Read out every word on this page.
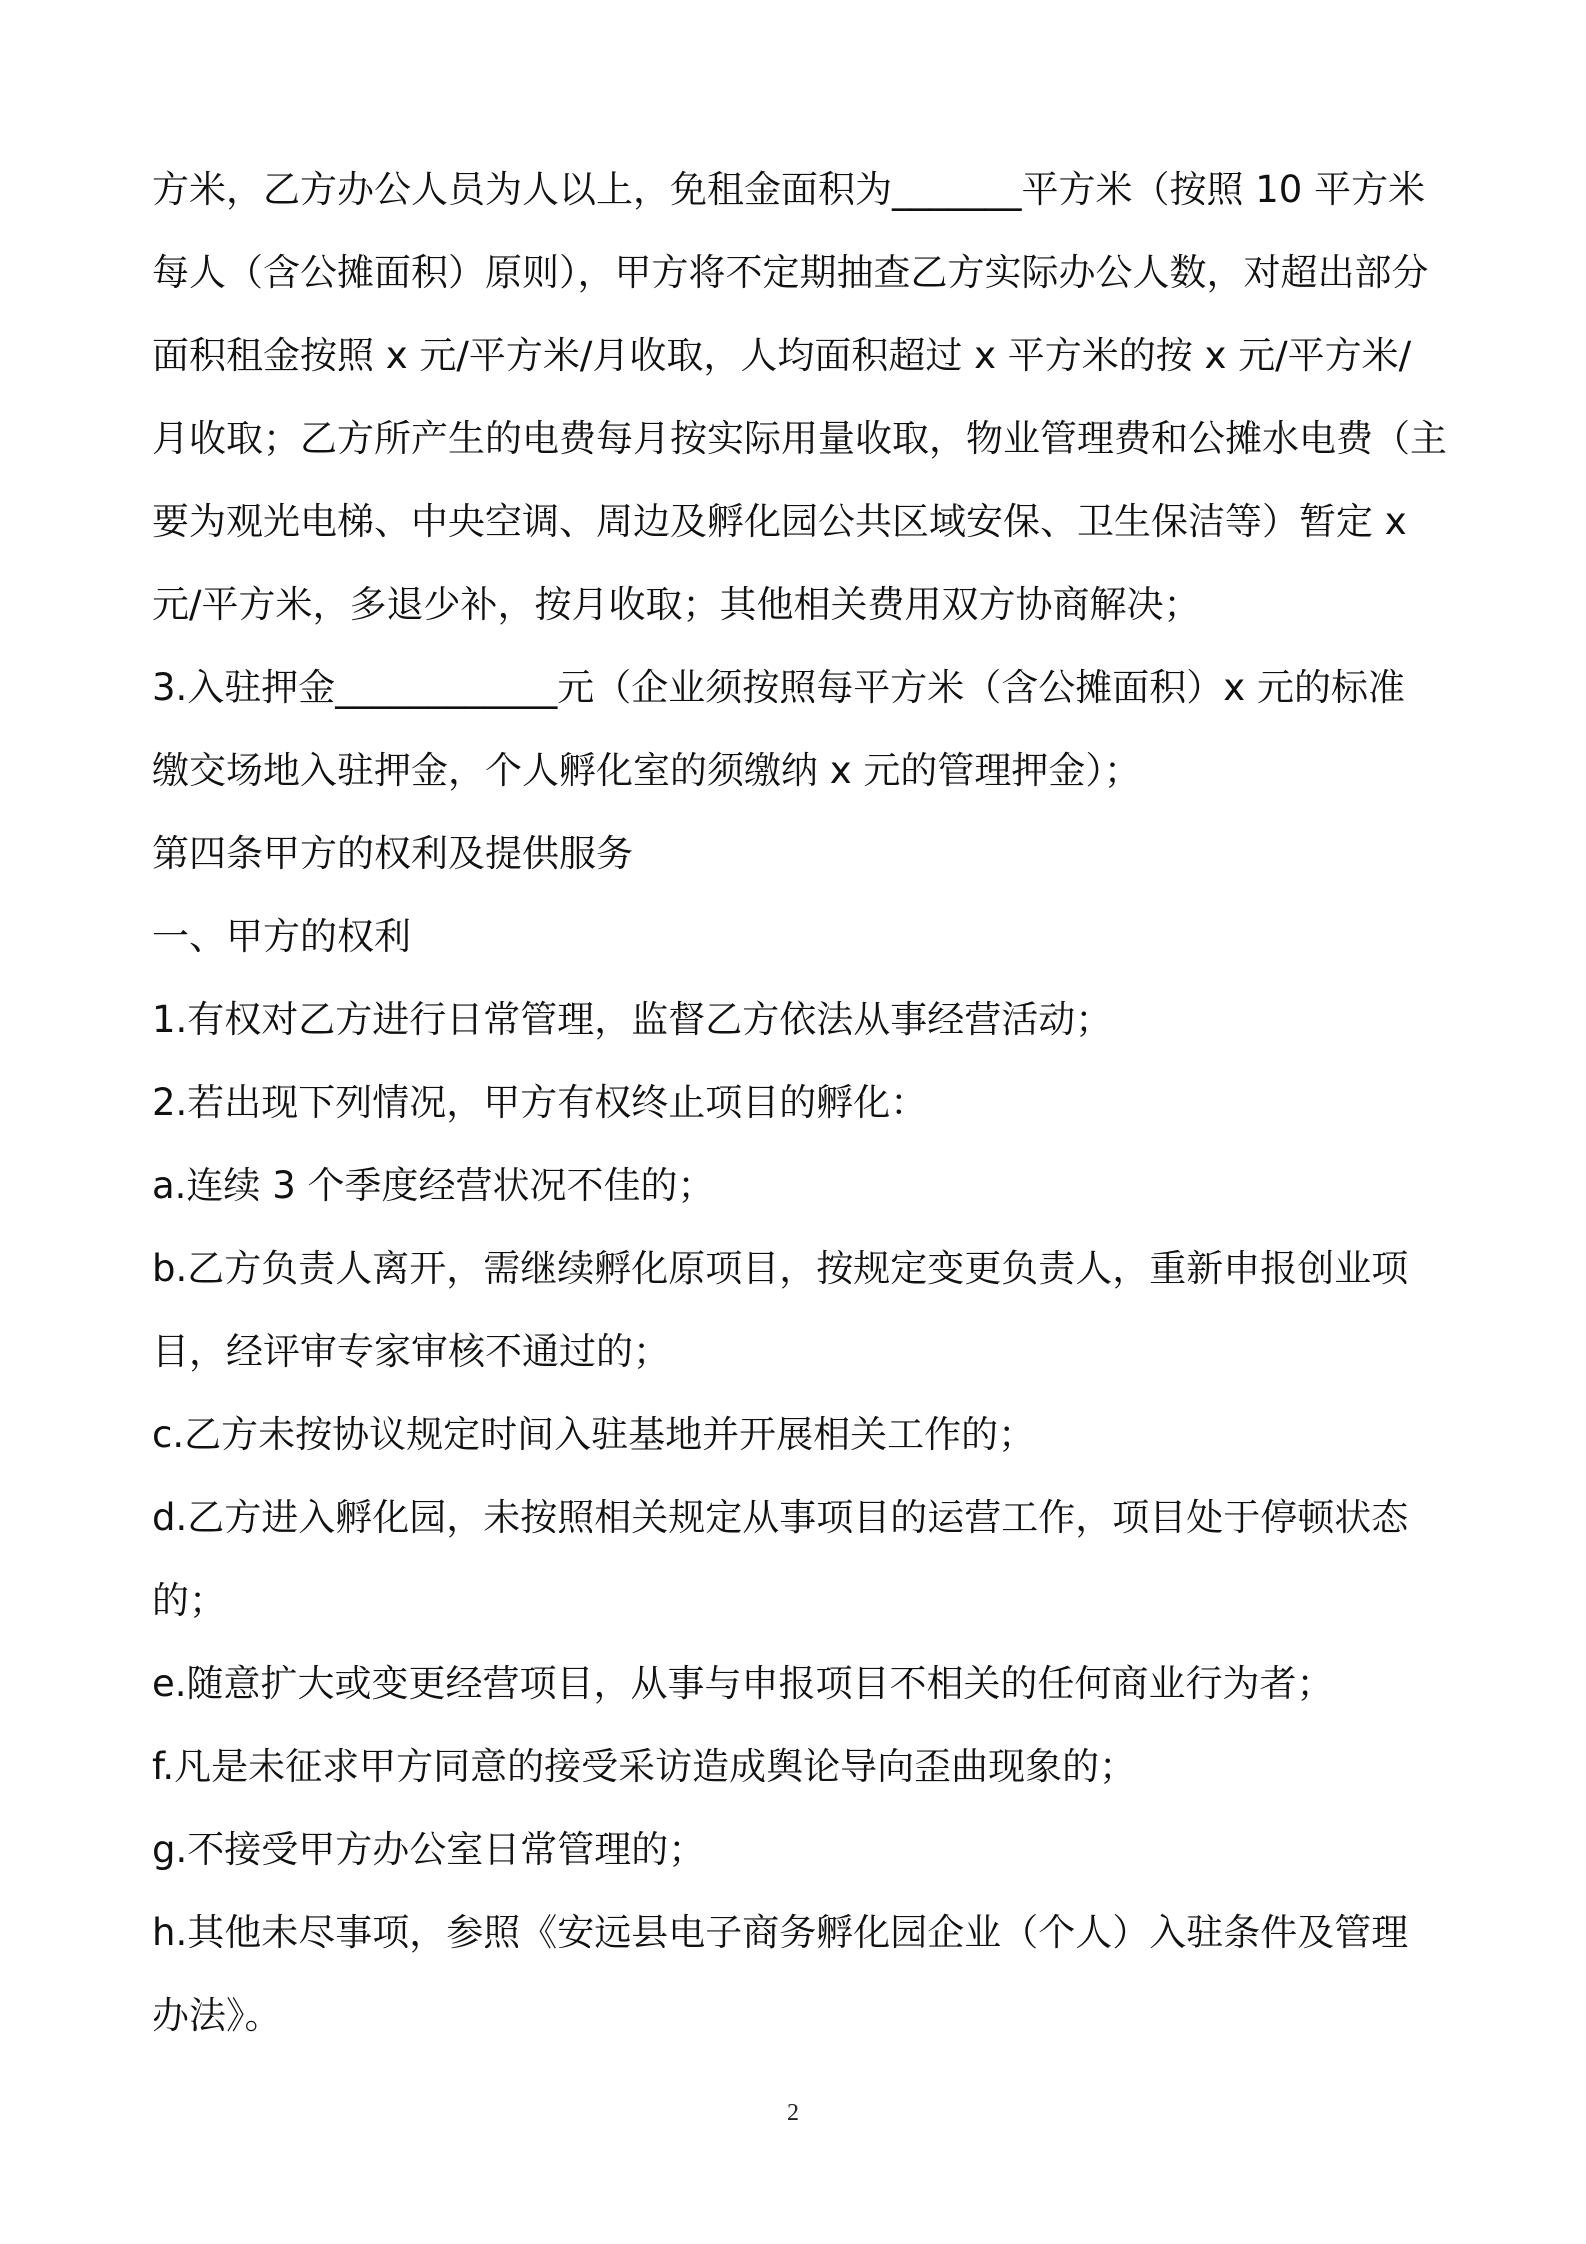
方米，乙方办公人员为人以上，免租金面积为_______平方米（按照 10 平方米
每人（含公摊面积）原则），甲方将不定期抽查乙方实际办公人数，对超出部分
面积租金按照 x 元/平方米/月收取，人均面积超过 x 平方米的按 x 元/平方米/
月收取；乙方所产生的电费每月按实际用量收取，物业管理费和公摊水电费（主
要为观光电梯、中央空调、周边及孵化园公共区域安保、卫生保洁等）暂定 x
元/平方米，多退少补，按月收取；其他相关费用双方协商解决；
3.入驻押金____________元（企业须按照每平方米（含公摊面积）x 元的标准
缴交场地入驻押金，个人孵化室的须缴纳 x 元的管理押金）；
第四条甲方的权利及提供服务
一、甲方的权利
1.有权对乙方进行日常管理，监督乙方依法从事经营活动；
2.若出现下列情况，甲方有权终止项目的孵化：
a.连续 3 个季度经营状况不佳的；
b.乙方负责人离开，需继续孵化原项目，按规定变更负责人，重新申报创业项
目，经评审专家审核不通过的；
c.乙方未按协议规定时间入驻基地并开展相关工作的；
d.乙方进入孵化园，未按照相关规定从事项目的运营工作，项目处于停顿状态
的；
e.随意扩大或变更经营项目，从事与申报项目不相关的任何商业行为者；
f.凡是未征求甲方同意的接受采访造成舆论导向歪曲现象的；
g.不接受甲方办公室日常管理的；
h.其他未尽事项，参照《安远县电子商务孵化园企业（个人）入驻条件及管理
办法》。
2
